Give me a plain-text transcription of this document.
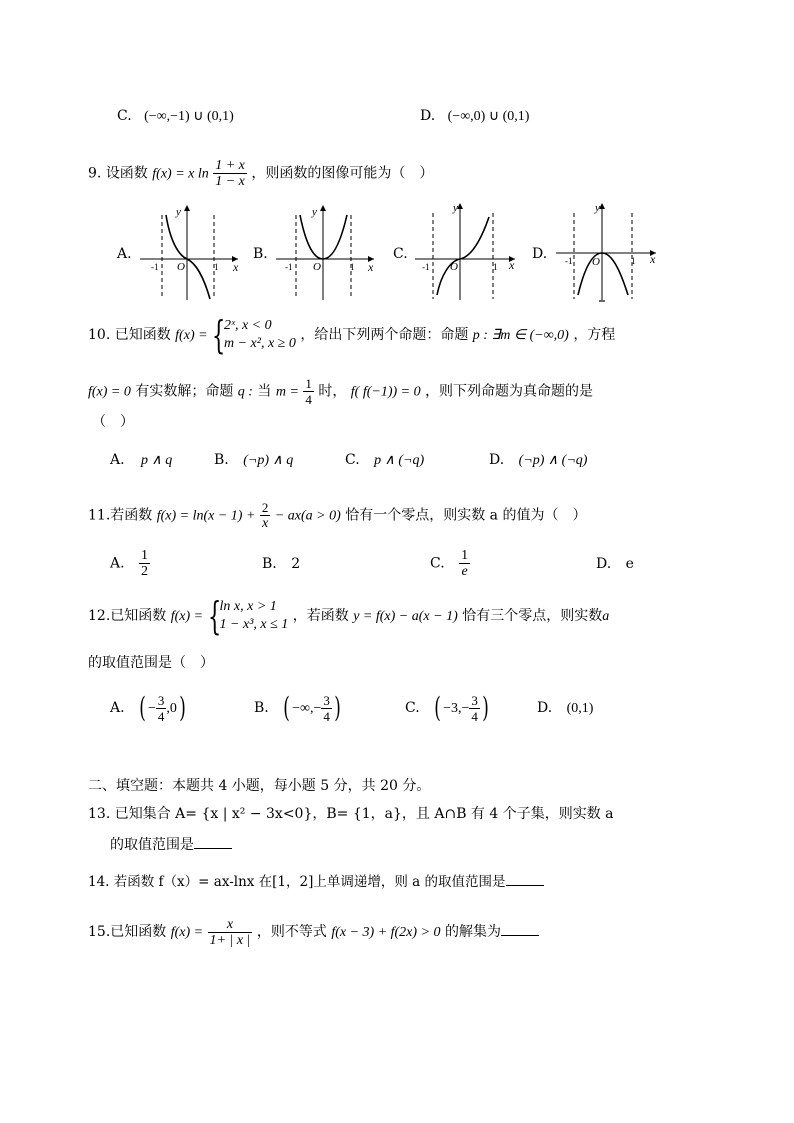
C. (−∞,−1) ∪ (0,1)	D. (−∞,0) ∪ (0,1)
9. 设函数 f(x) = x $\ln \frac{1 + x}{1 - x}$ ，则函数的图像可能为（　）
A.	B.	C.	D.
y
x
O
-1	1
y
x
O
-1	1
y
x
O
-1	1
y
x
O
-1	1
10. 已知函数 f(x) = {
2ˣ, x < 0
m − x², x ≥ 0
，给出下列两个命题：命题 p : ∃m ∈ (−∞,0) ，方程
f(x) = 0 有实数解；命题 q : 当 $m = \frac{1}{4}$ 时， f( f(−1)) = 0 ，则下列命题为真命题的是
（　）
A. p ∧ q	B. (¬p) ∧ q	C. p ∧ (¬q)	D. (¬p) ∧ (¬q)
11.若函数 $f(x) = \ln(x - 1) + \frac{2}{x} - ax(a > 0)$ 恰有一个零点，则实数 a 的值为（　）
A. $\frac{1}{2}$	B. 2	C. $\frac{1}{e}$	D. e
12.已知函数 f(x) = {
ln x, x > 1
1 − x³, x ≤ 1
，若函数 y = f(x) − a(x − 1) 恰有三个零点，则实数a
的取值范围是（　）
A. ( − $\frac{3}{4} ,0$)	B. ( −∞,− $\frac{3}{4}$ )	C. ( $-3,- \frac{3}{4}$ )	D. (0,1)
二、填空题：本题共 4 小题，每小题 5 分，共 20 分。
13. 已知集合 A= {x | x² − 3x<0}，B= {1，a}，且 A∩B 有 4 个子集，则实数 a
的取值范围是
14. 若函数 f（x）= ax-lnx 在[1，2]上单调递增，则 a 的取值范围是
15.已知函数 $f(x) = \frac{x}{1+ | x |}$ ，则不等式 f(x − 3) + f(2x) > 0 的解集为
